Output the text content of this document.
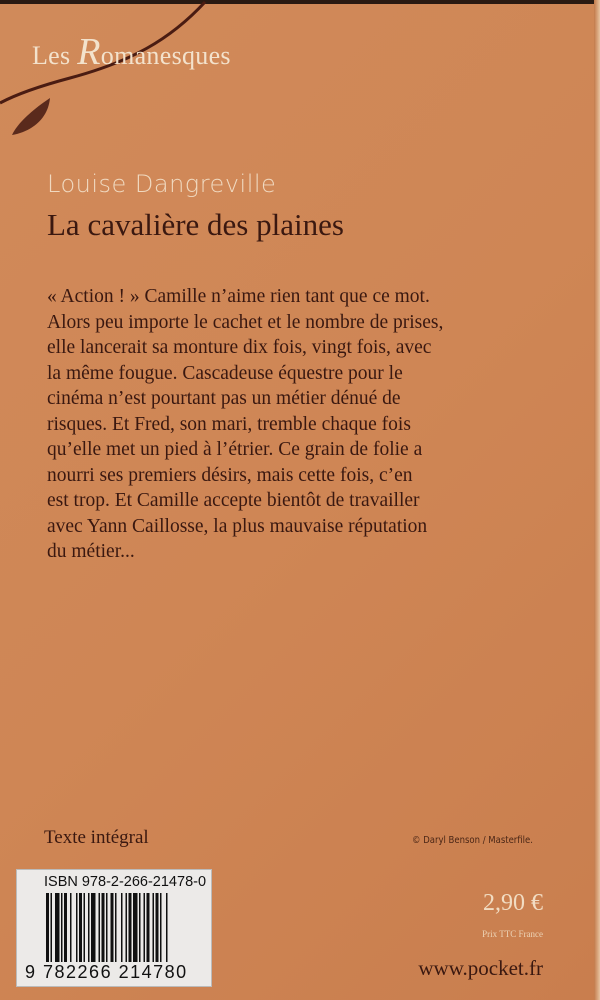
Les Romanesques
Louise Dangreville
La cavalière des plaines
« Action ! » Camille n’aime rien tant que ce mot.
Alors peu importe le cachet et le nombre de prises,
elle lancerait sa monture dix fois, vingt fois, avec
la même fougue. Cascadeuse équestre pour le
cinéma n’est pourtant pas un métier dénué de
risques. Et Fred, son mari, tremble chaque fois
qu’elle met un pied à l’étrier. Ce grain de folie a
nourri ses premiers désirs, mais cette fois, c’en
est trop. Et Camille accepte bientôt de travailler
avec Yann Caillosse, la plus mauvaise réputation
du métier...
Texte intégral	© Daryl Benson / Masterfile.
ISBN 978-2-266-21478-0
9 782266 214780
2,90 €
Prix TTC France
www.pocket.fr
